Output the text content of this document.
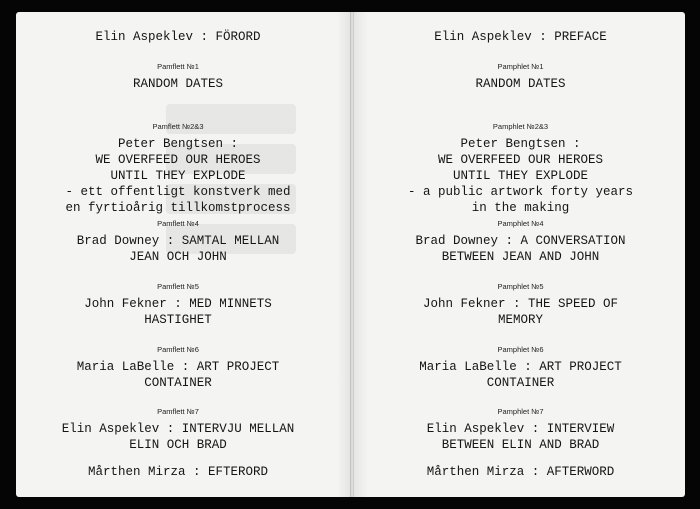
Elin Aspeklev : FÖRORD
Pamflett №1
RANDOM DATES
Pamflett №2&3
Peter Bengtsen :
WE OVERFEED OUR HEROES
UNTIL THEY EXPLODE
- ett offentligt konstverk med
en fyrtioårig tillkomstprocess
Pamflett №4
Brad Downey : SAMTAL MELLAN
JEAN OCH JOHN
Pamflett №5
John Fekner : MED MINNETS
HASTIGHET
Pamflett №6
Maria LaBelle : ART PROJECT
CONTAINER
Pamflett №7
Elin Aspeklev : INTERVJU MELLAN
ELIN OCH BRAD
Mårthen Mirza : EFTERORD
Elin Aspeklev : PREFACE
Pamphlet №1
RANDOM DATES
Pamphlet №2&3
Peter Bengtsen :
WE OVERFEED OUR HEROES
UNTIL THEY EXPLODE
- a public artwork forty years
in the making
Pamphlet №4
Brad Downey : A CONVERSATION
BETWEEN JEAN AND JOHN
Pamphlet №5
John Fekner : THE SPEED OF
MEMORY
Pamphlet №6
Maria LaBelle : ART PROJECT
CONTAINER
Pamphlet №7
Elin Aspeklev : INTERVIEW
BETWEEN ELIN AND BRAD
Mårthen Mirza : AFTERWORD
